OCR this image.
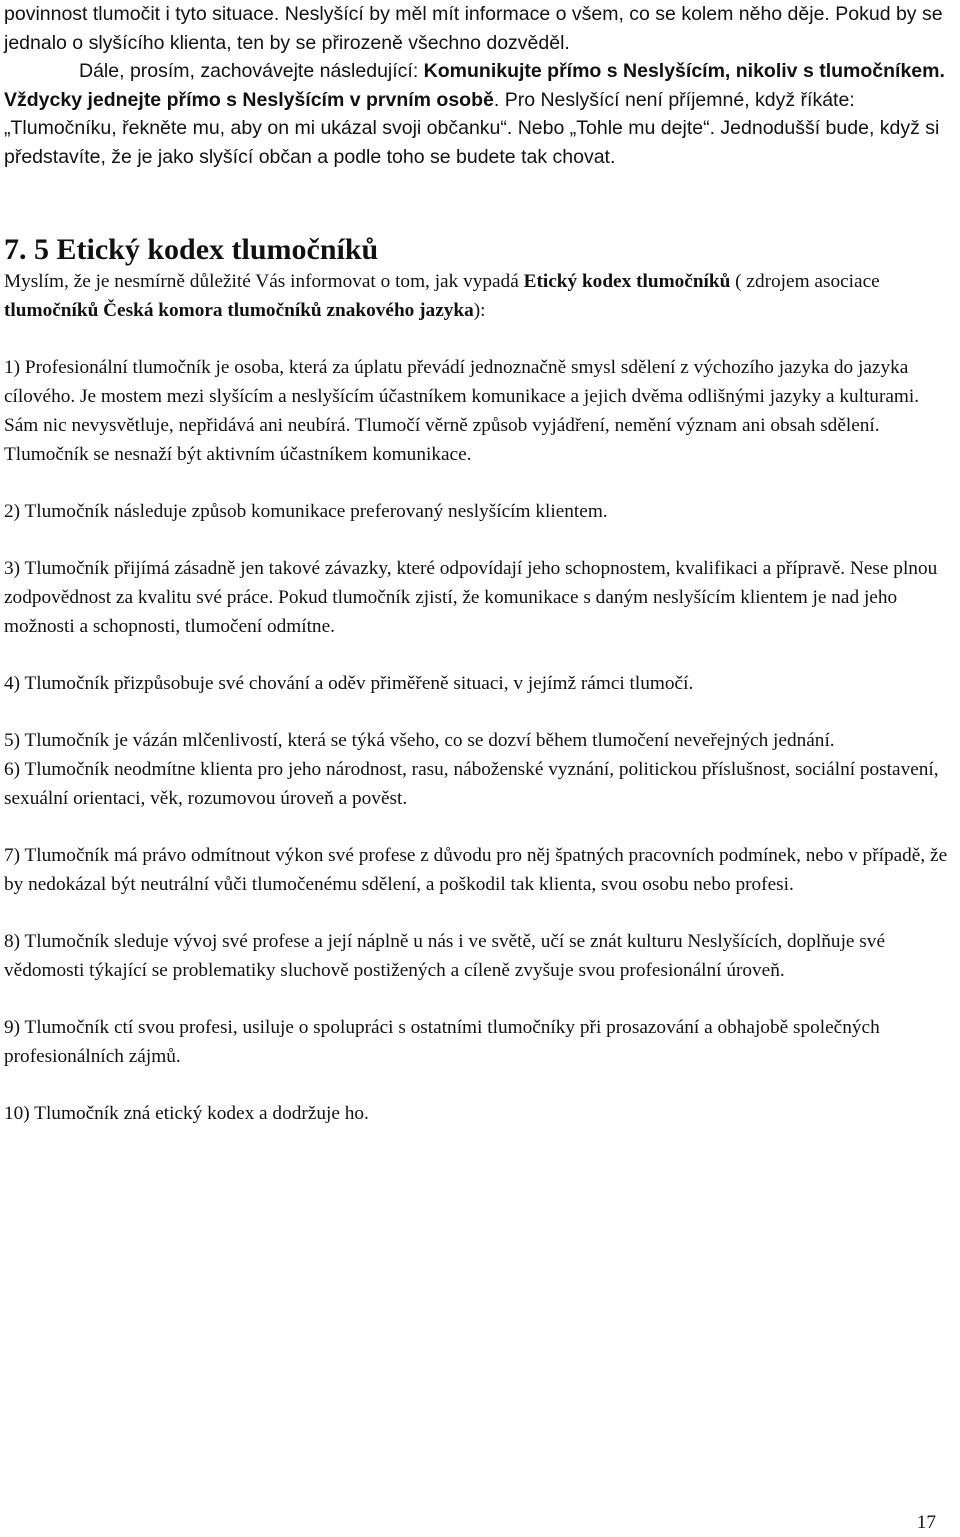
povinnost tlumočit i tyto situace. Neslyšící by měl mít informace o všem, co se kolem něho děje. Pokud by se jednalo o slyšícího klienta, ten by se přirozeně všechno dozvěděl.

Dále, prosím, zachovávejte následující: Komunikujte přímo s Neslyšícím, nikoliv s tlumočníkem. Vždycky jednejte přímo s Neslyšícím v prvním osobě. Pro Neslyšící není příjemné, když říkáte: „Tlumočníku, řekněte mu, aby on mi ukázal svoji občanku“. Nebo „Tohle mu dejte“. Jednodušší bude, když si představíte, že je jako slyšící občan a podle toho se budete tak chovat.

7. 5 Etický kodex tlumočníků

Myslím, že je nesmírně důležité Vás informovat o tom, jak vypadá Etický kodex tlumočníků ( zdrojem asociace tlumočníků Česká komora tlumočníků znakového jazyka):

1) Profesionální tlumočník je osoba, která za úplatu převádí jednoznačně smysl sdělení z výchozího jazyka do jazyka cílového. Je mostem mezi slyšícím a neslyšícím účastníkem komunikace a jejich dvěma odlišnými jazyky a kulturami. Sám nic nevysvětluje, nepřidává ani neubírá. Tlumočí věrně způsob vyjádření, nemění význam ani obsah sdělení. Tlumočník se nesnaží být aktivním účastníkem komunikace.

2) Tlumočník následuje způsob komunikace preferovaný neslyšícím klientem.

3) Tlumočník přijímá zásadně jen takové závazky, které odpovídají jeho schopnostem, kvalifikaci a přípravě. Nese plnou zodpovědnost za kvalitu své práce. Pokud tlumočník zjistí, že komunikace s daným neslyšícím klientem je nad jeho možnosti a schopnosti, tlumočení odmítne.

4) Tlumočník přizpůsobuje své chování a oděv přiměřeně situaci, v jejímž rámci tlumočí.

5) Tlumočník je vázán mlčenlivostí, která se týká všeho, co se dozví během tlumočení neveřejných jednání.

6) Tlumočník neodmítne klienta pro jeho národnost, rasu, náboženské vyznání, politickou příslušnost, sociální postavení, sexuální orientaci, věk, rozumovou úroveň a pověst.

7) Tlumočník má právo odmítnout výkon své profese z důvodu pro něj špatných pracovních podmínek, nebo v případě, že by nedokázal být neutrální vůči tlumočenému sdělení, a poškodil tak klienta, svou osobu nebo profesi.

8) Tlumočník sleduje vývoj své profese a její náplně u nás i ve světě, učí se znát kulturu Neslyšících, doplňuje své vědomosti týkající se problematiky sluchově postižených a cíleně zvyšuje svou profesionální úroveň.

9) Tlumočník ctí svou profesi, usiluje o spolupráci s ostatními tlumočníky při prosazování a obhajobě společných profesionálních zájmů.

10) Tlumočník zná etický kodex a dodržuje ho.

17
